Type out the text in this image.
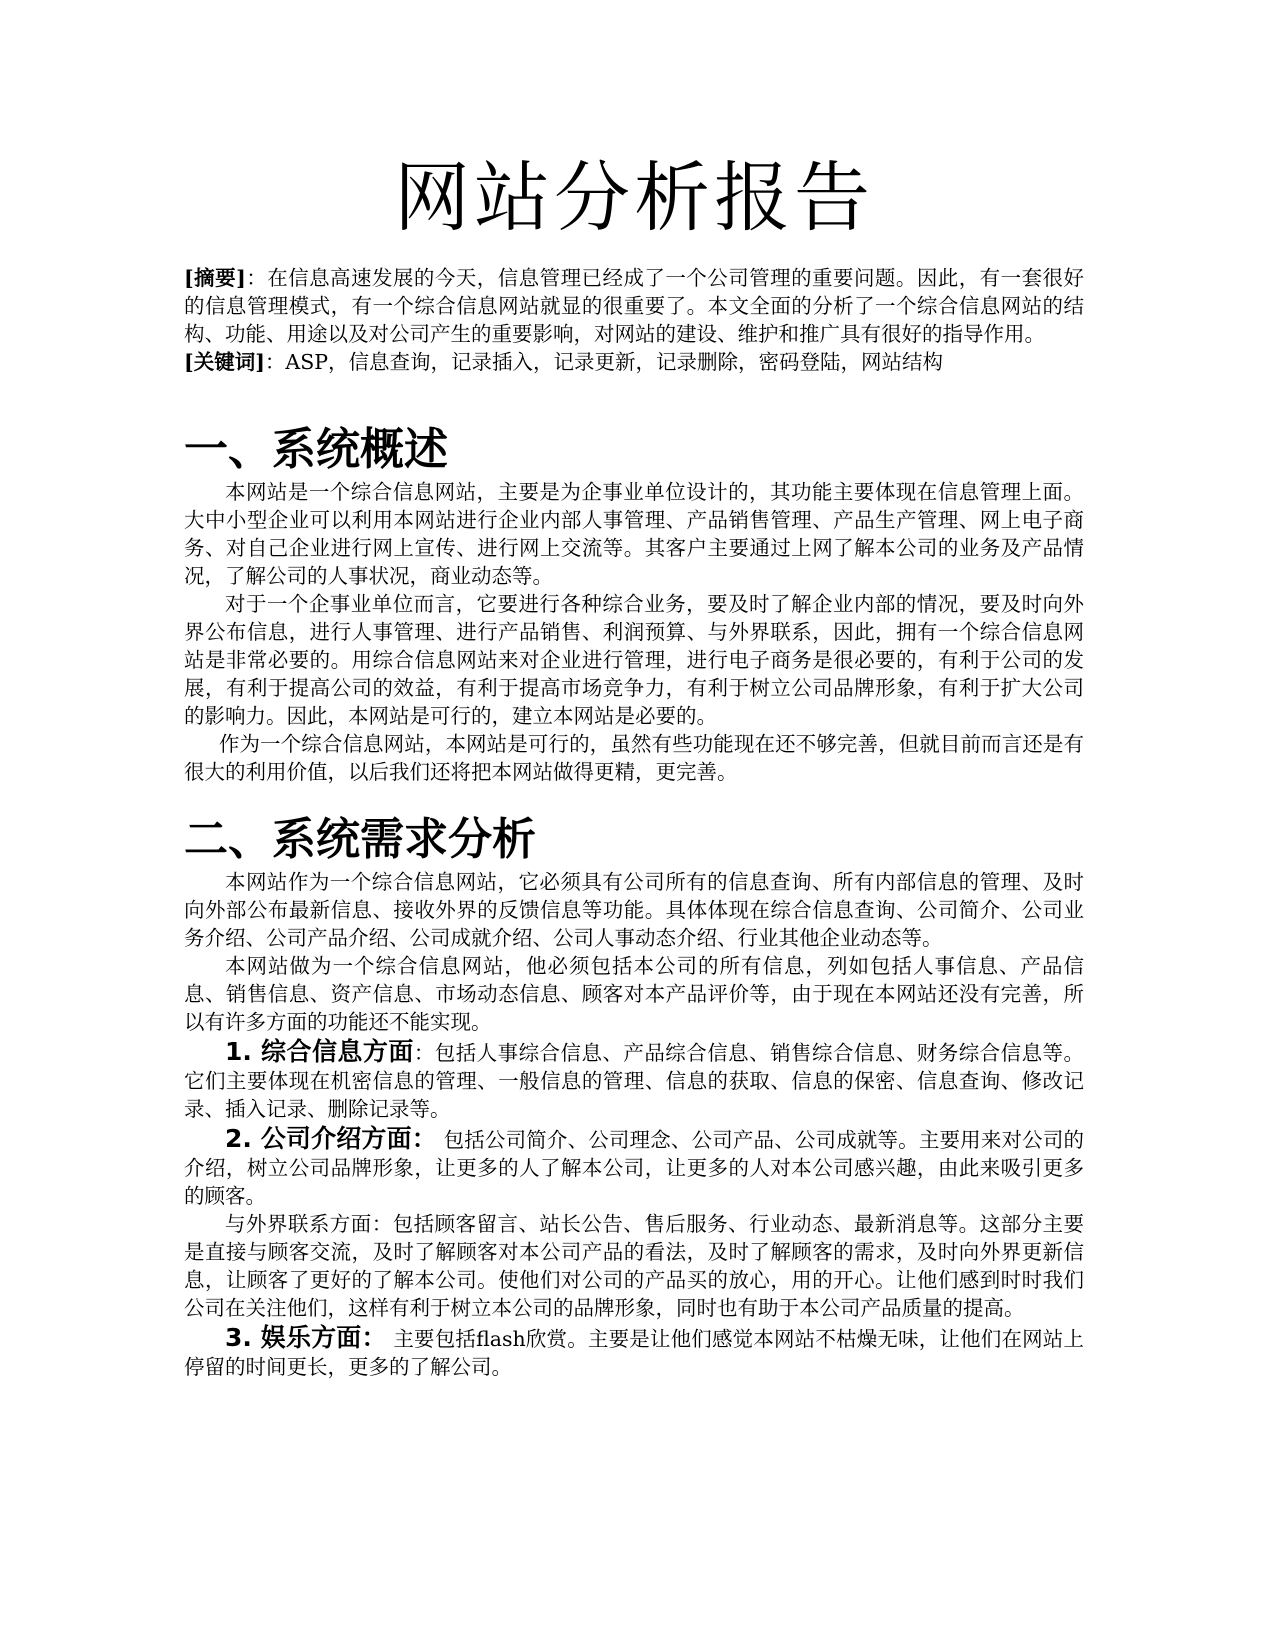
网站分析报告

[摘要]：在信息高速发展的今天，信息管理已经成了一个公司管理的重要问题。因此，有一套很好的信息管理模式，有一个综合信息网站就显的很重要了。本文全面的分析了一个综合信息网站的结构、功能、用途以及对公司产生的重要影响，对网站的建设、维护和推广具有很好的指导作用。

[关键词]：ASP，信息查询，记录插入，记录更新，记录删除，密码登陆，网站结构

一、系统概述

本网站是一个综合信息网站，主要是为企事业单位设计的，其功能主要体现在信息管理上面。大中小型企业可以利用本网站进行企业内部人事管理、产品销售管理、产品生产管理、网上电子商务、对自己企业进行网上宣传、进行网上交流等。其客户主要通过上网了解本公司的业务及产品情况，了解公司的人事状况，商业动态等。

对于一个企事业单位而言，它要进行各种综合业务，要及时了解企业内部的情况，要及时向外界公布信息，进行人事管理、进行产品销售、利润预算、与外界联系，因此，拥有一个综合信息网站是非常必要的。用综合信息网站来对企业进行管理，进行电子商务是很必要的，有利于公司的发展，有利于提高公司的效益，有利于提高市场竞争力，有利于树立公司品牌形象，有利于扩大公司的影响力。因此，本网站是可行的，建立本网站是必要的。

作为一个综合信息网站，本网站是可行的，虽然有些功能现在还不够完善，但就目前而言还是有很大的利用价值，以后我们还将把本网站做得更精，更完善。

二、系统需求分析

本网站作为一个综合信息网站，它必须具有公司所有的信息查询、所有内部信息的管理、及时向外部公布最新信息、接收外界的反馈信息等功能。具体体现在综合信息查询、公司简介、公司业务介绍、公司产品介绍、公司成就介绍、公司人事动态介绍、行业其他企业动态等。

本网站做为一个综合信息网站，他必须包括本公司的所有信息，列如包括人事信息、产品信息、销售信息、资产信息、市场动态信息、顾客对本产品评价等，由于现在本网站还没有完善，所以有许多方面的功能还不能实现。

1. 综合信息方面：包括人事综合信息、产品综合信息、销售综合信息、财务综合信息等。它们主要体现在机密信息的管理、一般信息的管理、信息的获取、信息的保密、信息查询、修改记录、插入记录、删除记录等。

2. 公司介绍方面： 包括公司简介、公司理念、公司产品、公司成就等。主要用来对公司的介绍，树立公司品牌形象，让更多的人了解本公司，让更多的人对本公司感兴趣，由此来吸引更多的顾客。

与外界联系方面：包括顾客留言、站长公告、售后服务、行业动态、最新消息等。这部分主要是直接与顾客交流，及时了解顾客对本公司产品的看法，及时了解顾客的需求，及时向外界更新信息，让顾客了更好的了解本公司。使他们对公司的产品买的放心，用的开心。让他们感到时时我们公司在关注他们，这样有利于树立本公司的品牌形象，同时也有助于本公司产品质量的提高。

3. 娱乐方面： 主要包括flash欣赏。主要是让他们感觉本网站不枯燥无味，让他们在网站上停留的时间更长，更多的了解公司。
